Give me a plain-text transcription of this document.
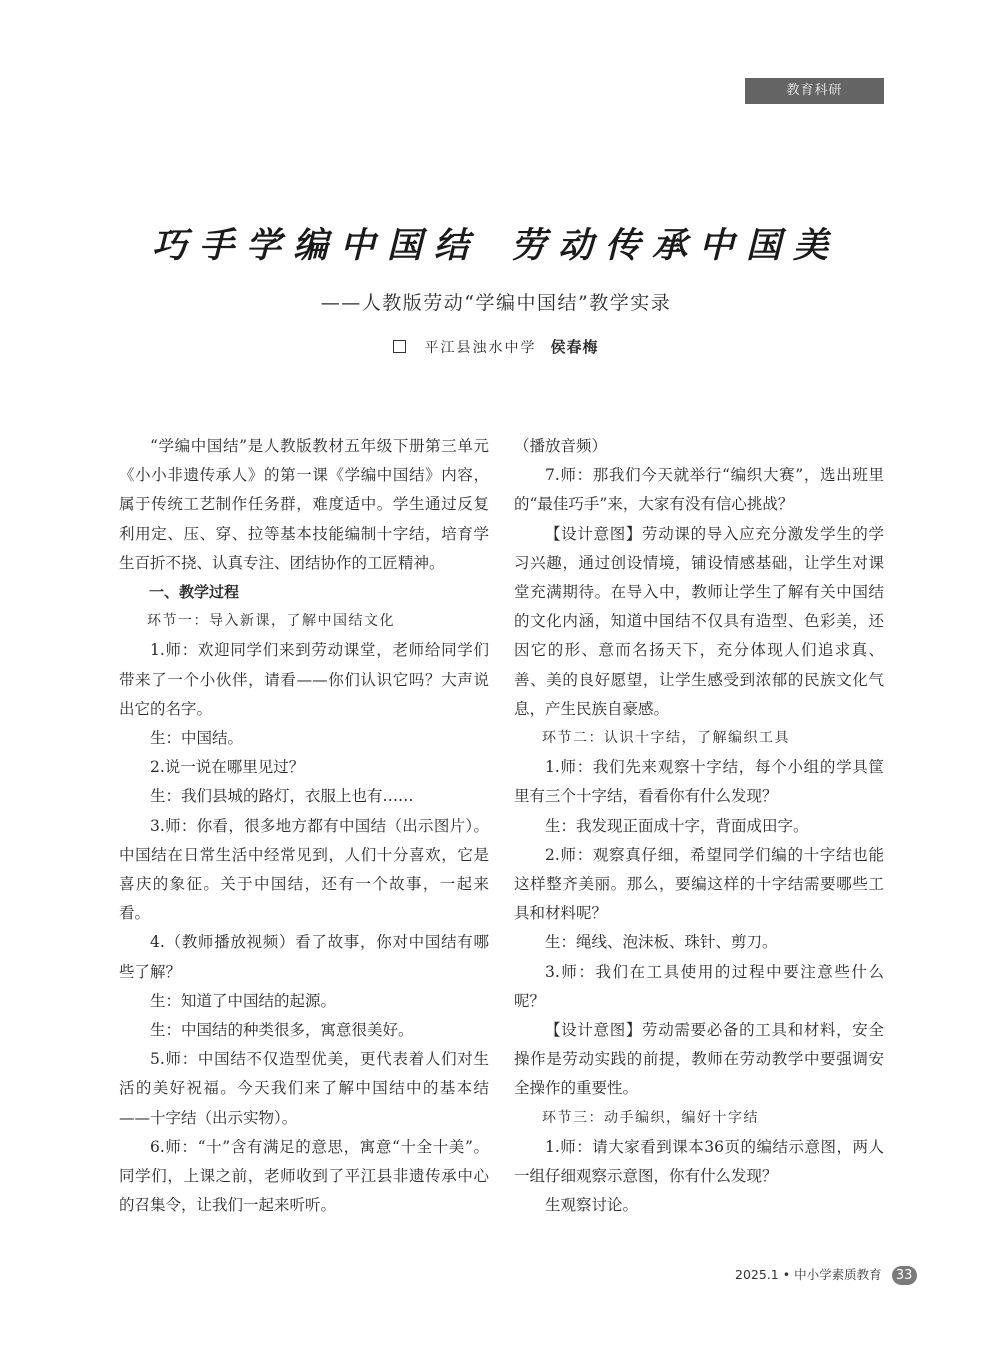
教育科研
巧手学编中国结 劳动传承中国美
——人教版劳动“学编中国结”教学实录
平江县浊水中学 侯春梅

“学编中国结”是人教版教材五年级下册第三单元《小小非遗传承人》的第一课《学编中国结》内容，属于传统工艺制作任务群，难度适中。学生通过反复利用定、压、穿、拉等基本技能编制十字结，培育学生百折不挠、认真专注、团结协作的工匠精神。

一、教学过程

环节一：导入新课，了解中国结文化

1.师：欢迎同学们来到劳动课堂，老师给同学们带来了一个小伙伴，请看——你们认识它吗？大声说出它的名字。

生：中国结。

2.说一说在哪里见过？

生：我们县城的路灯，衣服上也有……

3.师：你看，很多地方都有中国结（出示图片）。中国结在日常生活中经常见到，人们十分喜欢，它是喜庆的象征。关于中国结，还有一个故事，一起来看。

4.（教师播放视频）看了故事，你对中国结有哪些了解？

生：知道了中国结的起源。

生：中国结的种类很多，寓意很美好。

5.师：中国结不仅造型优美，更代表着人们对生活的美好祝福。今天我们来了解中国结中的基本结——十字结（出示实物）。

6.师：“十”含有满足的意思，寓意“十全十美”。同学们，上课之前，老师收到了平江县非遗传承中心的召集令，让我们一起来听听。

（播放音频）

7.师：那我们今天就举行“编织大赛”，选出班里的“最佳巧手”来，大家有没有信心挑战？

【设计意图】劳动课的导入应充分激发学生的学习兴趣，通过创设情境，铺设情感基础，让学生对课堂充满期待。在导入中，教师让学生了解有关中国结的文化内涵，知道中国结不仅具有造型、色彩美，还因它的形、意而名扬天下，充分体现人们追求真、善、美的良好愿望，让学生感受到浓郁的民族文化气息，产生民族自豪感。

环节二：认识十字结，了解编织工具

1.师：我们先来观察十字结，每个小组的学具筐里有三个十字结，看看你有什么发现？

生：我发现正面成十字，背面成田字。

2.师：观察真仔细，希望同学们编的十字结也能这样整齐美丽。那么，要编这样的十字结需要哪些工具和材料呢？

生：绳线、泡沫板、珠针、剪刀。

3.师：我们在工具使用的过程中要注意些什么呢？

【设计意图】劳动需要必备的工具和材料，安全操作是劳动实践的前提，教师在劳动教学中要强调安全操作的重要性。

环节三：动手编织，编好十字结

1.师：请大家看到课本36页的编结示意图，两人一组仔细观察示意图，你有什么发现？

生观察讨论。

2025.1 • 中小学素质教育 33
